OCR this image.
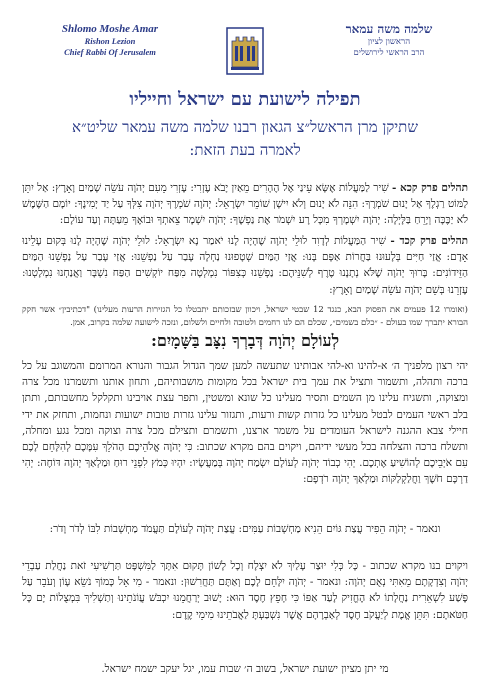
Shlomo Moshe Amar
Rishon Lezion
Chief Rabbi Of Jerusalem
שלמה משה עמאר
הראשון לציון
הרב הראשי לירושלים
תפילה לישועת עם ישראל וחייליו
שתיקן מרן הראשל״צ הגאון רבנו שלמה משה עמאר שליט״א
לאמרה בעת הזאת:
תהלים פרק קכא - שִׁיר לַמַּעֲלוֹת אֶשָּׂא עֵינַי אֶל הֶהָרִים מֵאַיִן יָבֹא עֶזְרִי: עֶזְרִי מֵעִם יְהֹוָה עֹשֵׂה שָׁמַיִם וָאָרֶץ: אַל יִתֵּן לַמּוֹט רַגְלֶךָ אַל יָנוּם שֹׁמְרֶךָ: הִנֵּה לֹא יָנוּם וְלֹא יִישָׁן שׁוֹמֵר יִשְׂרָאֵל: יְהֹוָה שֹׁמְרֶךָ יְהֹוָה צִלְּךָ עַל יַד יְמִינֶךָ: יוֹמָם הַשֶּׁמֶשׁ לֹא יַכֶּכָּה וְיָרֵחַ בַּלָּיְלָה: יְהֹוָה יִשְׁמָרְךָ מִכָּל רָע יִשְׁמֹר אֶת נַפְשֶׁךָ: יְהֹוָה יִשְׁמָר צֵאתְךָ וּבוֹאֶךָ מֵעַתָּה וְעַד עוֹלָם:
תהלים פרק קכד - שִׁיר הַמַּעֲלוֹת לְדָוִד לוּלֵי יְהֹוָה שֶׁהָיָה לָנוּ יֹאמַר נָא יִשְׂרָאֵל: לוּלֵי יְהֹוָה שֶׁהָיָה לָנוּ בְּקוּם עָלֵינוּ אָדָם: אֲזַי חַיִּים בְּלָעוּנוּ בַּחֲרוֹת אַפָּם בָּנוּ: אֲזַי הַמַּיִם שְׁטָפוּנוּ נַחְלָה עָבַר עַל נַפְשֵׁנוּ: אֲזַי עָבַר עַל נַפְשֵׁנוּ הַמַּיִם הַזֵּידוֹנִים: בָּרוּךְ יְהֹוָה שֶׁלֹּא נְתָנָנוּ טֶרֶף לְשִׁנֵּיהֶם: נַפְשֵׁנוּ כְּצִפּוֹר נִמְלְטָה מִפַּח יוֹקְשִׁים הַפַּח נִשְׁבָּר וַאֲנַחְנוּ נִמְלָטְנוּ: עֶזְרֵנוּ בְּשֵׁם יְהֹוָה עֹשֵׂה שָׁמַיִם וָאָרֶץ:
(ואומרו 12 פעמים את הפסוק הבא, כנגד 12 שבטי ישראל, ויכוון שבזכותם יתבטלו כל הגזירות הרעות מעלינו) "דכתיבין״ אשר חקק הבורא יתברך שמו בעולם - ״כלם בשמים״, שכלם הם לנו רחמים ולטובה ולחיים ולשלום, ונזכה לישועה שלמה בקרוב, אמן.
לְעוֹלָם יְהֹוָה דְּבָרְךָ נִצָּב בַּשָּׁמָיִם:
יהי רצון מלפניך ה׳ א-להינו וא-להי אבותינו שתעשה למען שמך הגדול הגבור והנורא המרומם והמשוגב על כל ברכה ותהלה, ותשמור ותציל את עמך בית ישראל בכל מקומות מושבותיהם, ותחון אותנו ותשמרנו מכל צרה ומצוקה, ותשגיח עלינו מן השמים ותסיר מעלינו כל שונא ומשטין, ותפר עצת אויבינו ותקלקל מחשבותם, ותתן בלב ראשי העמים לבטל מעלינו כל גזרות קשות ורעות, ותגזור עלינו גזרות טובות ישועות ונחמות, ותחזק את ידי חיילי צבא ההגנה לישראל העומדים על משמר ארצנו, ותשמרם ותצילם מכל צרה וצוקה ומכל נגע ומחלה, ותשלח ברכה והצלחה בכל מעשי ידיהם, ויקוים בהם מקרא שכתוב: כִּי יְהֹוָה אֱלֹהֵיכֶם הַהֹלֵךְ עִמָּכֶם לְהִלָּחֵם לָכֶם עִם אֹיְבֵיכֶם לְהוֹשִׁיעַ אֶתְכֶם. יְהִי כְבוֹד יְהֹוָה לְעוֹלָם יִשְׂמַח יְהֹוָה בְּמַעֲשָׂיו: יִהְיוּ כְּמֹץ לִפְנֵי רוּחַ וּמַלְאַךְ יְהֹוָה דּוֹחֶה: יְהִי דַרְכָּם חֹשֶׁךְ וַחֲלַקְלַקּוֹת וּמַלְאַךְ יְהֹוָה רֹדְפָם:
ונאמר - יְהֹוָה הֵפִיר עֲצַת גּוֹיִם הֵנִיא מַחְשְׁבוֹת עַמִּים: עֲצַת יְהֹוָה לְעוֹלָם תַּעֲמֹד מַחְשְׁבוֹת לִבּוֹ לְדֹר וָדֹר:
ויקוים בנו מקרא שכתוב - כָּל כְּלִי יוּצַר עָלַיִךְ לֹא יִצְלָח וְכָל לָשׁוֹן תָּקוּם אִתָּךְ לַמִּשְׁפָּט תַּרְשִׁיעִי זֹאת נַחֲלַת עַבְדֵי יְהֹוָה וְצִדְקָתָם מֵאִתִּי נְאֻם יְהֹוָה: ונאמר - יְהֹוָה יִלָּחֵם לָכֶם וְאַתֶּם תַּחֲרִשׁוּן: ונאמר - מִי אֵל כָּמוֹךָ נֹשֵׂא עָוֹן וְעֹבֵר עַל פֶּשַׁע לִשְׁאֵרִית נַחֲלָתוֹ לֹא הֶחֱזִיק לָעַד אַפּוֹ כִּי חָפֵץ חֶסֶד הוּא: יָשׁוּב יְרַחֲמֵנוּ יִכְבֹּשׁ עֲוֹנֹתֵינוּ וְתַשְׁלִיךְ בִּמְצֻלוֹת יָם כָּל חַטֹּאתָם: תִּתֵּן אֱמֶת לְיַעֲקֹב חֶסֶד לְאַבְרָהָם אֲשֶׁר נִשְׁבַּעְתָּ לַאֲבֹתֵינוּ מִימֵי קֶדֶם:
מי יתן מציון ישועת ישראל, בשוב ה׳ שבות עמו, יגל יעקב ישמח ישראל.
